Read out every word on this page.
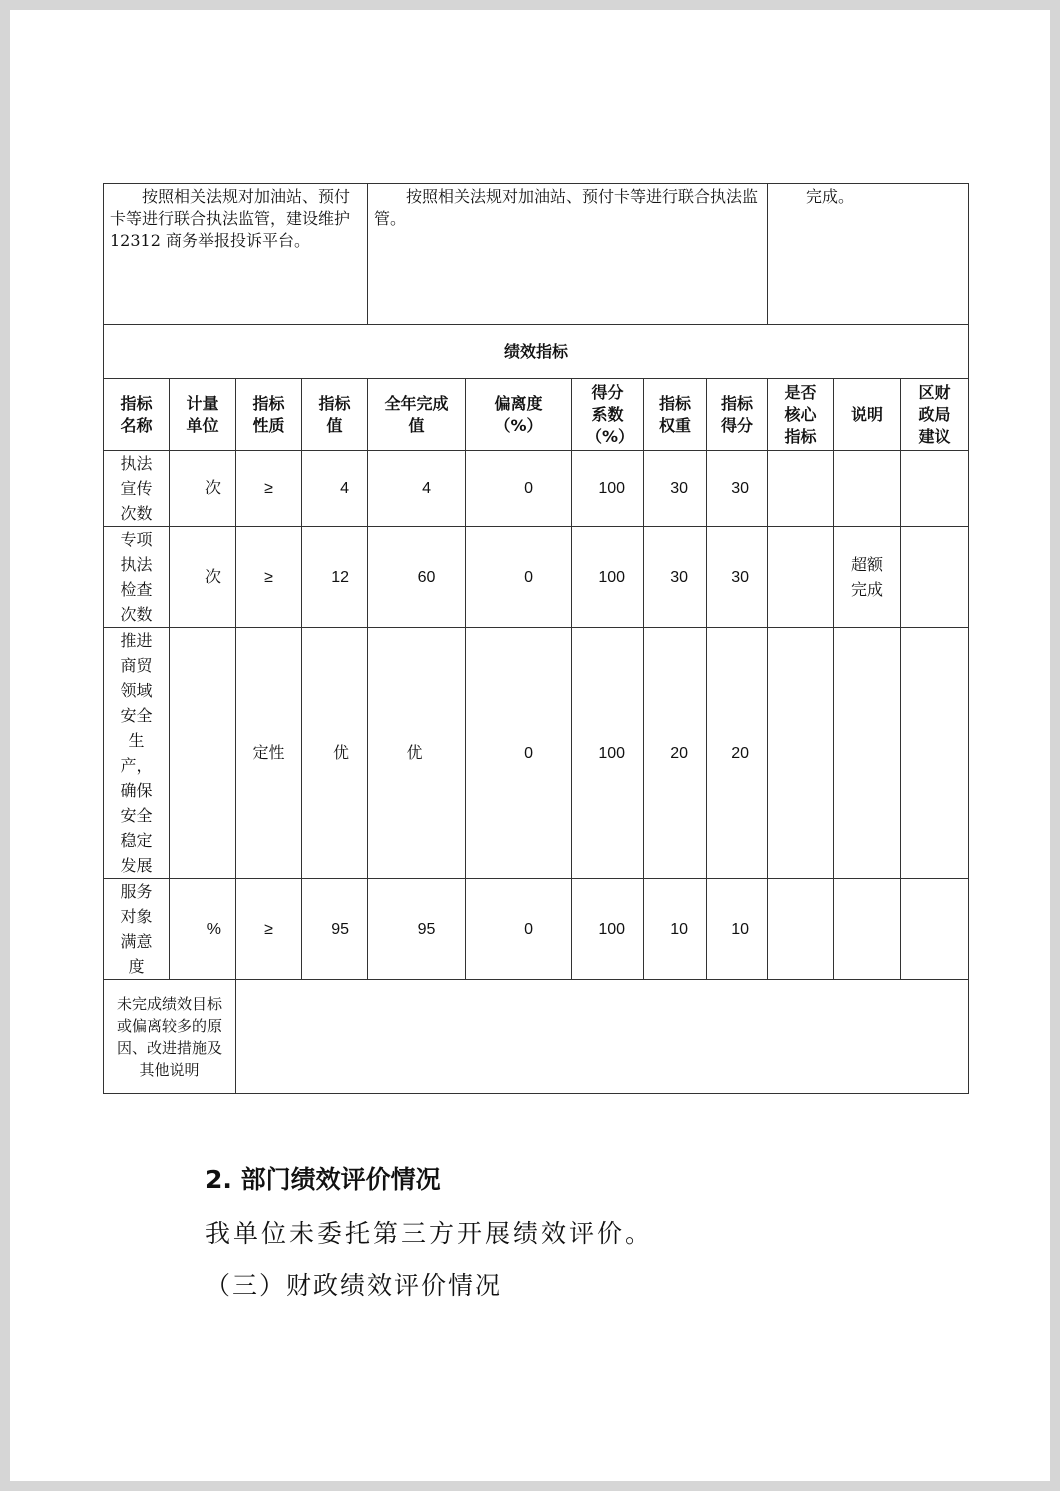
按照相关法规对加油站、预付卡等进行联合执法监管，建设维护 12312 商务举报投诉平台。				按照相关法规对加油站、预付卡等进行联合执法监管。					完成。		

绩效指标											
指标名称	计量单位	指标性质	指标值	全年完成值	偏离度（%）	得分系数（%）	指标权重	指标得分	是否核心指标	说明	区财政局建议
执法宣传次数	次	≥	4	4	0	100	30	30			
专项执法检查次数	次	≥	12	60	0	100	30	30		超额完成	
推进商贸领域安全生产，确保安全稳定发展		定性	优	优	0	100	20	20			
服务对象满意度	%	≥	95	95	0	100	10	10			
未完成绩效目标或偏离较多的原因、改进措施及其他说明											

2. 部门绩效评价情况

我单位未委托第三方开展绩效评价。

（三）财政绩效评价情况
